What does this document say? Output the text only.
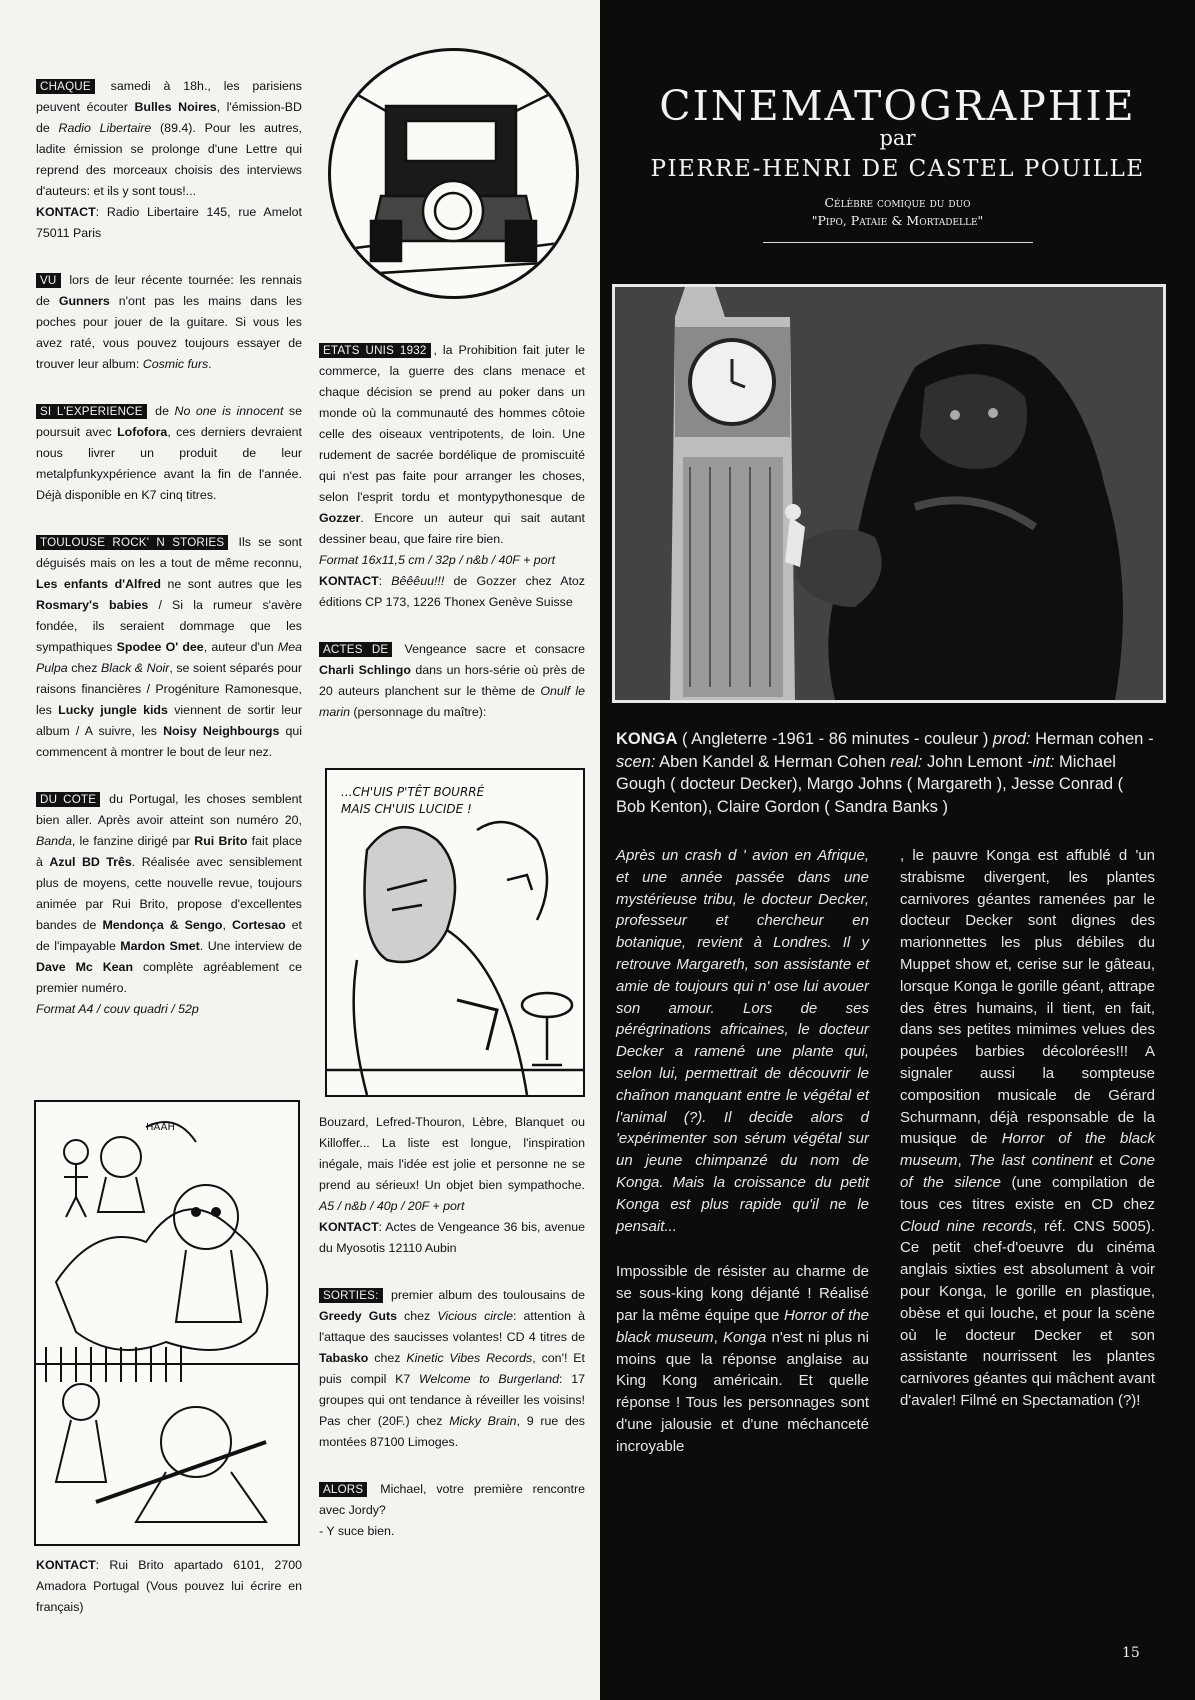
CHAQUE samedi à 18h., les parisiens peuvent écouter Bulles Noires, l'émission-BD de Radio Libertaire (89.4). Pour les autres, ladite émission se prolonge d'une Lettre qui reprend des morceaux choisis des interviews d'auteurs: et ils y sont tous!...
KONTACT: Radio Libertaire 145, rue Amelot 75011 Paris

VU lors de leur récente tournée: les rennais de Gunners n'ont pas les mains dans les poches pour jouer de la guitare. Si vous les avez raté, vous pouvez toujours essayer de trouver leur album: Cosmic furs.

SI L'EXPERIENCE de No one is innocent se poursuit avec Lofofora, ces derniers devraient nous livrer un produit de leur metalpfunkyxpérience avant la fin de l'année. Déjà disponible en K7 cinq titres.

TOULOUSE ROCK' N STORIES Ils se sont déguisés mais on les a tout de même reconnu, Les enfants d'Alfred ne sont autres que les Rosmary's babies / Si la rumeur s'avère fondée, ils seraient dommage que les sympathiques Spodee O' dee, auteur d'un Mea Pulpa chez Black & Noir, se soient séparés pour raisons financières / Progéniture Ramonesque, les Lucky jungle kids viennent de sortir leur album / A suivre, les Noisy Neighbourgs qui commencent à montrer le bout de leur nez.

DU COTE du Portugal, les choses semblent bien aller. Après avoir atteint son numéro 20, Banda, le fanzine dirigé par Rui Brito fait place à Azul BD Três. Réalisée avec sensiblement plus de moyens, cette nouvelle revue, toujours animée par Rui Brito, propose d'excellentes bandes de Mendonça & Sengo, Cortesao et de l'impayable Mardon Smet. Une interview de Dave Mc Kean complète agréablement ce premier numéro.
Format A4 / couv quadri / 52p

HAAH

KONTACT: Rui Brito apartado 6101, 2700 Amadora Portugal (Vous pouvez lui écrire en français)

ETATS UNIS 1932 , la Prohibition fait juter le commerce, la guerre des clans menace et chaque décision se prend au poker dans un monde où la communauté des hommes côtoie celle des oiseaux ventripotents, de loin. Une rudement de sacrée bordélique de promiscuité qui n'est pas faite pour arranger les choses, selon l'esprit tordu et montypythonesque de Gozzer. Encore un auteur qui sait autant dessiner beau, que faire rire bien.
Format 16x11,5 cm / 32p / n&b / 40F + port
KONTACT: Bêêêuu!!! de Gozzer chez Atoz éditions CP 173, 1226 Thonex Genève Suisse

ACTES DE Vengeance sacre et consacre Charli Schlingo dans un hors-série où près de 20 auteurs planchent sur le thème de Onulf le marin (personnage du maître):

...CH'UIS P'TÊT BOURRÉ MAIS CH'UIS LUCIDE !

Bouzard, Lefred-Thouron, Lèbre, Blanquet ou Killoffer... La liste est longue, l'inspiration inégale, mais l'idée est jolie et personne ne se prend au sérieux! Un objet bien sympathoche. A5 / n&b / 40p / 20F + port
KONTACT: Actes de Vengeance 36 bis, avenue du Myosotis 12110 Aubin

SORTIES: premier album des toulousains de Greedy Guts chez Vicious circle: attention à l'attaque des saucisses volantes! CD 4 titres de Tabasko chez Kinetic Vibes Records, con'! Et puis compil K7 Welcome to Burgerland: 17 groupes qui ont tendance à réveiller les voisins! Pas cher (20F.) chez Micky Brain, 9 rue des montées 87100 Limoges.

ALORS Michael, votre première rencontre avec Jordy?
- Y suce bien.

CINEMATOGRAPHIE
par
PIERRE-HENRI DE CASTEL POUILLE
Célèbre comique du duo
"Pipo, Pataie & Mortadelle"
KONGA ( Angleterre -1961 - 86 minutes - couleur ) prod: Herman cohen -scen: Aben Kandel & Herman Cohen real: John Lemont -int: Michael Gough ( docteur Decker), Margo Johns ( Margareth ), Jesse Conrad ( Bob Kenton), Claire Gordon ( Sandra Banks )

Après un crash d ' avion en Afrique, et une année passée dans une mystérieuse tribu, le docteur Decker, professeur et chercheur en botanique, revient à Londres. Il y retrouve Margareth, son assistante et amie de toujours qui n' ose lui avouer son amour. Lors de ses pérégrinations africaines, le docteur Decker a ramené une plante qui, selon lui, permettrait de découvrir le chaînon manquant entre le végétal et l'animal (?). Il decide alors d 'expérimenter son sérum végétal sur un jeune chimpanzé du nom de Konga. Mais la croissance du petit Konga est plus rapide qu'il ne le pensait...

Impossible de résister au charme de se sous-king kong déjanté ! Réalisé par la même équipe que Horror of the black museum, Konga n'est ni plus ni moins que la réponse anglaise au King Kong américain. Et quelle réponse ! Tous les personnages sont d'une jalousie et d'une méchanceté incroyable

, le pauvre Konga est affublé d 'un strabisme divergent, les plantes carnivores géantes ramenées par le docteur Decker sont dignes des marionnettes les plus débiles du Muppet show et, cerise sur le gâteau, lorsque Konga le gorille géant, attrape des êtres humains, il tient, en fait, dans ses petites mimimes velues des poupées barbies décolorées!!! A signaler aussi la sompteuse composition musicale de Gérard Schurmann, déjà responsable de la musique de Horror of the black museum, The last continent et Cone of the silence (une compilation de tous ces titres existe en CD chez Cloud nine records, réf. CNS 5005). Ce petit chef-d'oeuvre du cinéma anglais sixties est absolument à voir pour Konga, le gorille en plastique, obèse et qui louche, et pour la scène où le docteur Decker et son assistante nourrissent les plantes carnivores géantes qui mâchent avant d'avaler! Filmé en Spectamation (?)!

15
